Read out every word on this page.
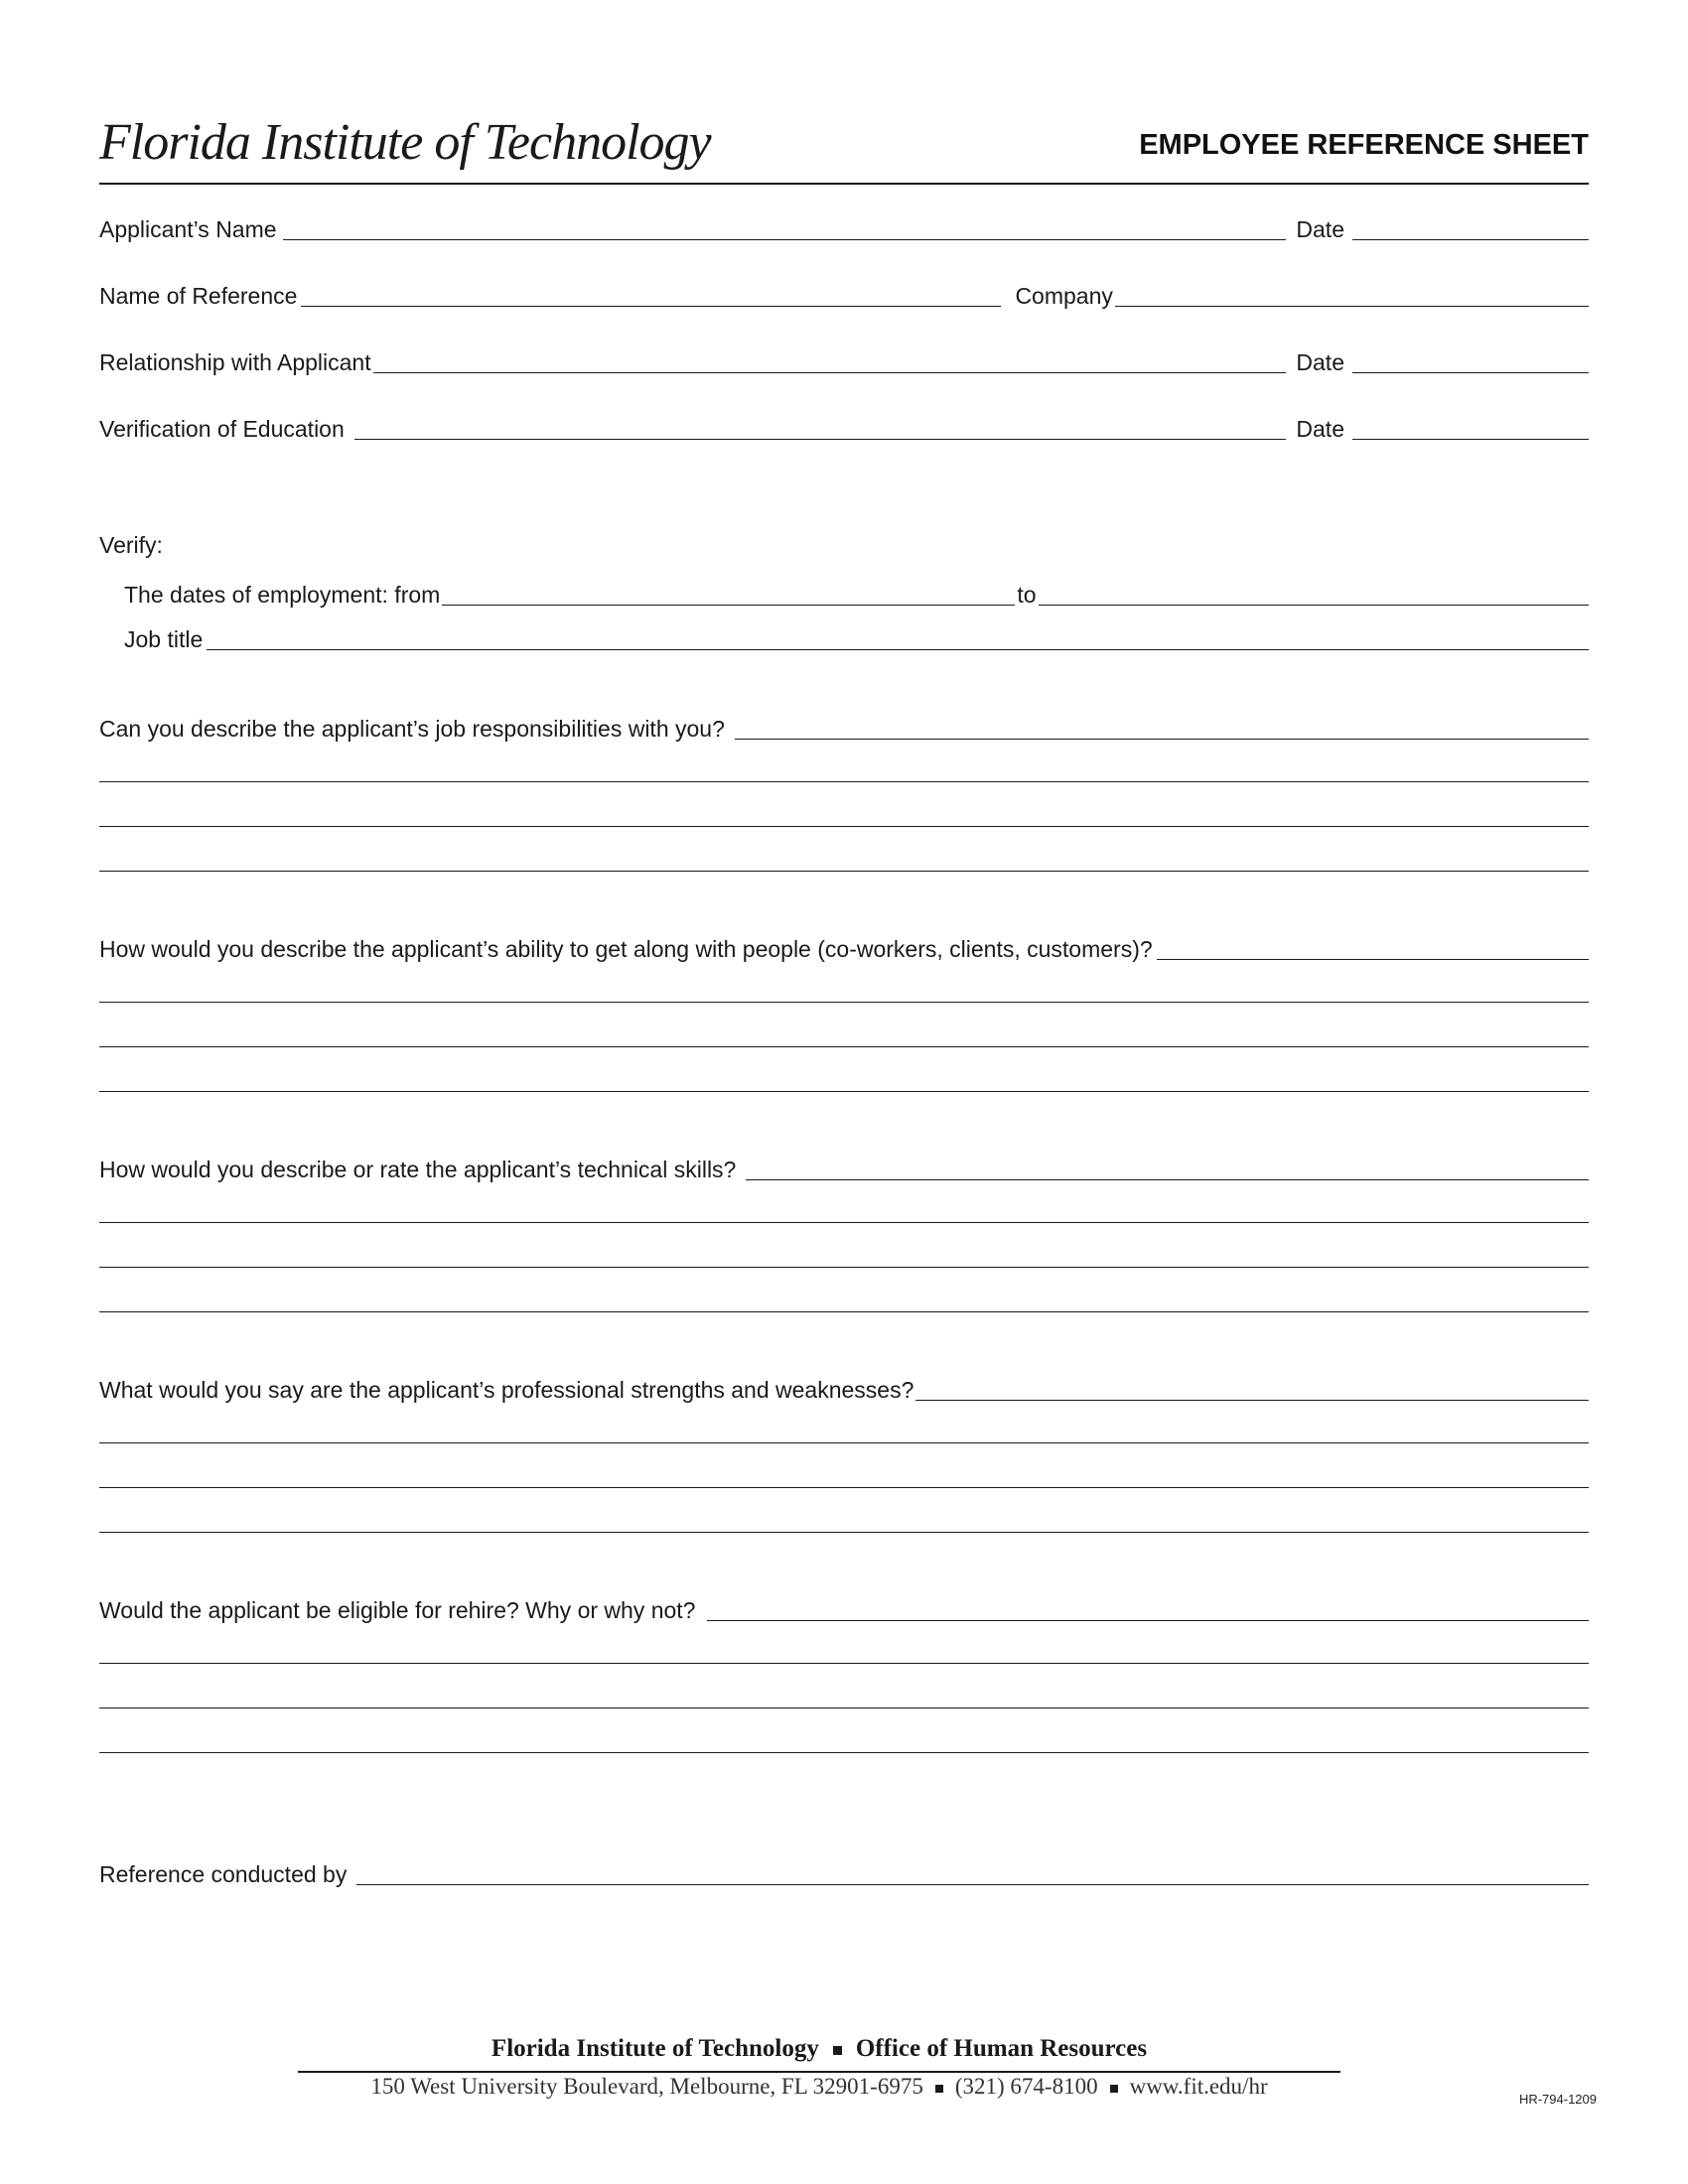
Florida Institute of Technology	EMPLOYEE REFERENCE SHEET
Applicant’s Name	Date
Name of Reference	Company
Relationship with Applicant	Date
Verification of Education	Date
Verify:
The dates of employment: from	to
Job title
Can you describe the applicant’s job responsibilities with you?
How would you describe the applicant’s ability to get along with people (co-workers, clients, customers)?
How would you describe or rate the applicant’s technical skills?
What would you say are the applicant’s professional strengths and weaknesses?
Would the applicant be eligible for rehire? Why or why not?
Reference conducted by
Florida Institute of Technology Office of Human Resources
150 West University Boulevard, Melbourne, FL 32901-6975 (321) 674-8100 www.fit.edu/hr
HR-794-1209
